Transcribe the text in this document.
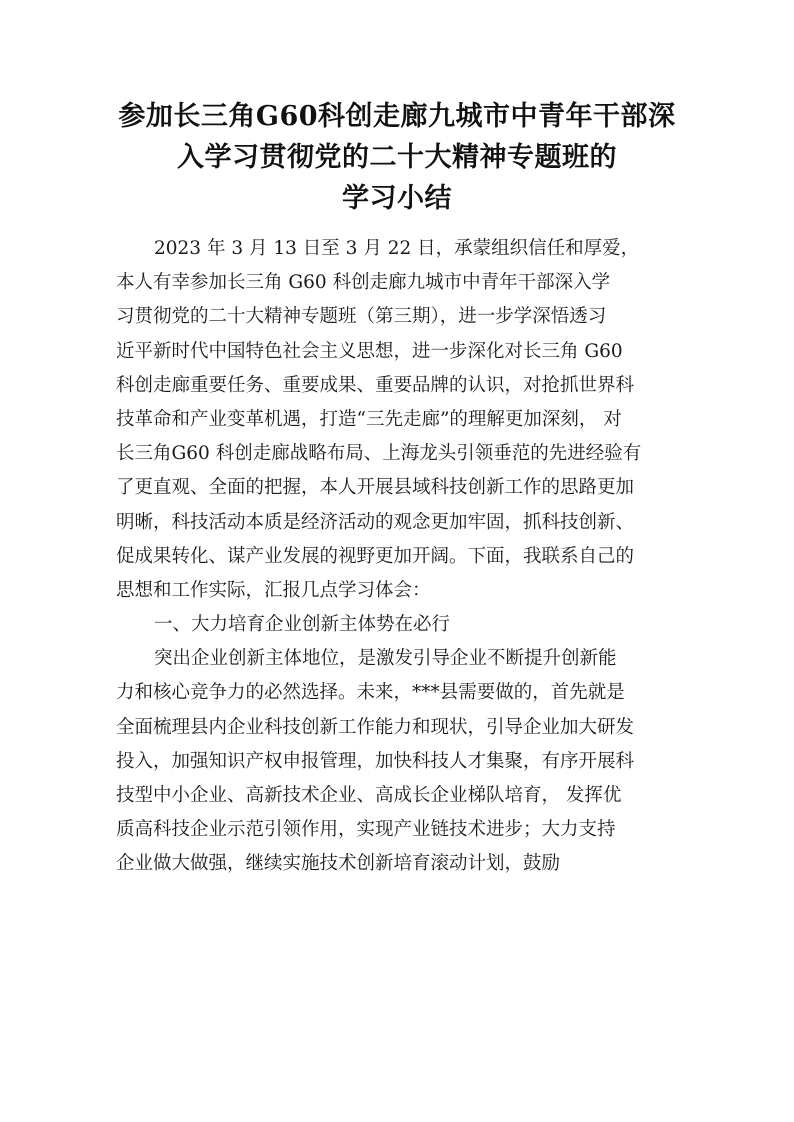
参加长三角G60科创走廊九城市中青年干部深
入学习贯彻党的二十大精神专题班的
学习小结
2023 年 3 月 13 日至 3 月 22 日，承蒙组织信任和厚爱，
本人有幸参加长三角 G60 科创走廊九城市中青年干部深入学
习贯彻党的二十大精神专题班（第三期），进一步学深悟透习
近平新时代中国特色社会主义思想，进一步深化对长三角 G60
科创走廊重要任务、重要成果、重要品牌的认识，对抢抓世界科
技革命和产业变革机遇，打造“三先走廊”的理解更加深刻， 对
长三角G60 科创走廊战略布局、上海龙头引领垂范的先进经验有
了更直观、全面的把握，本人开展县域科技创新工作的思路更加
明晰，科技活动本质是经济活动的观念更加牢固，抓科技创新、
促成果转化、谋产业发展的视野更加开阔。下面，我联系自己的
思想和工作实际，汇报几点学习体会：
一、大力培育企业创新主体势在必行
突出企业创新主体地位，是激发引导企业不断提升创新能
力和核心竞争力的必然选择。未来，***县需要做的，首先就是
全面梳理县内企业科技创新工作能力和现状，引导企业加大研发
投入，加强知识产权申报管理，加快科技人才集聚，有序开展科
技型中小企业、高新技术企业、高成长企业梯队培育， 发挥优
质高科技企业示范引领作用，实现产业链技术进步；大力支持
企业做大做强，继续实施技术创新培育滚动计划，鼓励
